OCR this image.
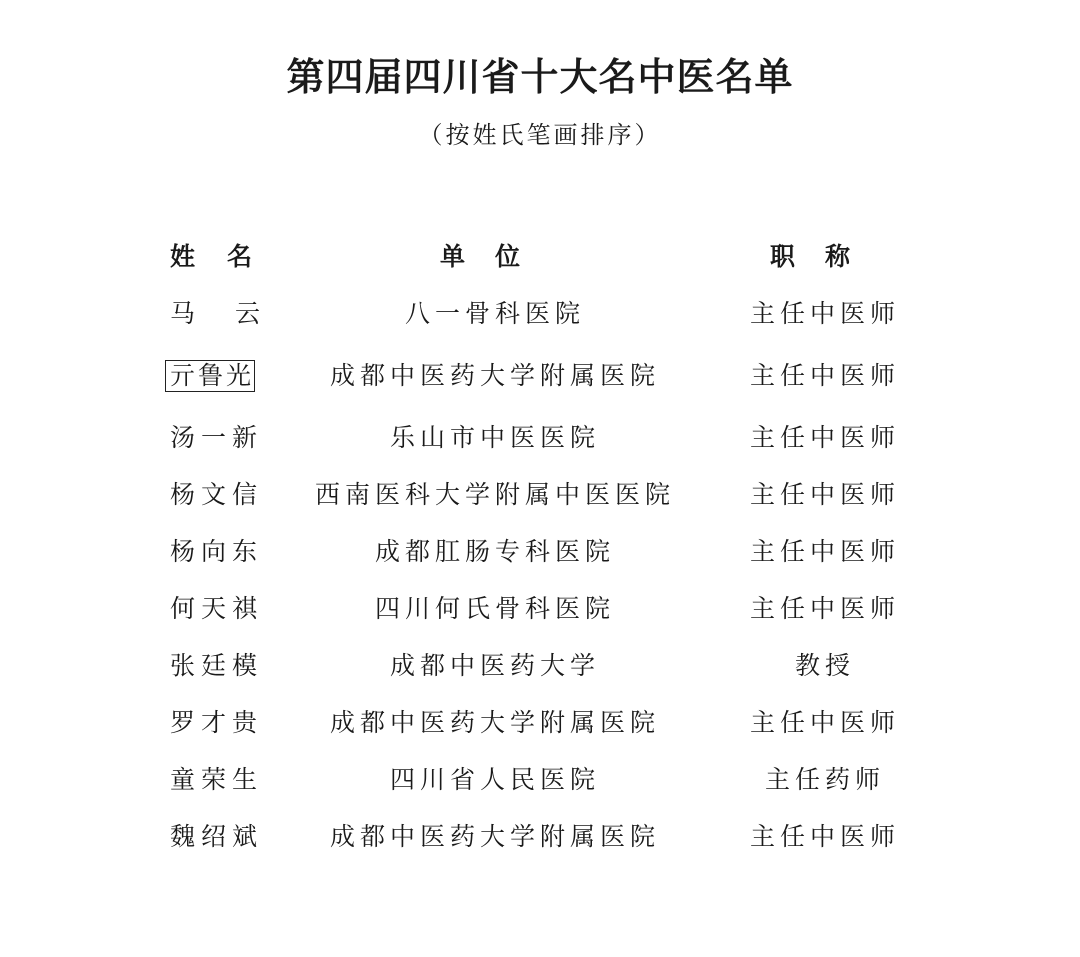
第四届四川省十大名中医名单
（按姓氏笔画排序）
姓 名	单位	职称
马 云	八一骨科医院	主任中医师
亓鲁光	成都中医药大学附属医院	主任中医师
汤一新	乐山市中医医院	主任中医师
杨文信	西南医科大学附属中医医院	主任中医师
杨向东	成都肛肠专科医院	主任中医师
何天祺	四川何氏骨科医院	主任中医师
张廷模	成都中医药大学	教授
罗才贵	成都中医药大学附属医院	主任中医师
童荣生	四川省人民医院	主任药师
魏绍斌	成都中医药大学附属医院	主任中医师
